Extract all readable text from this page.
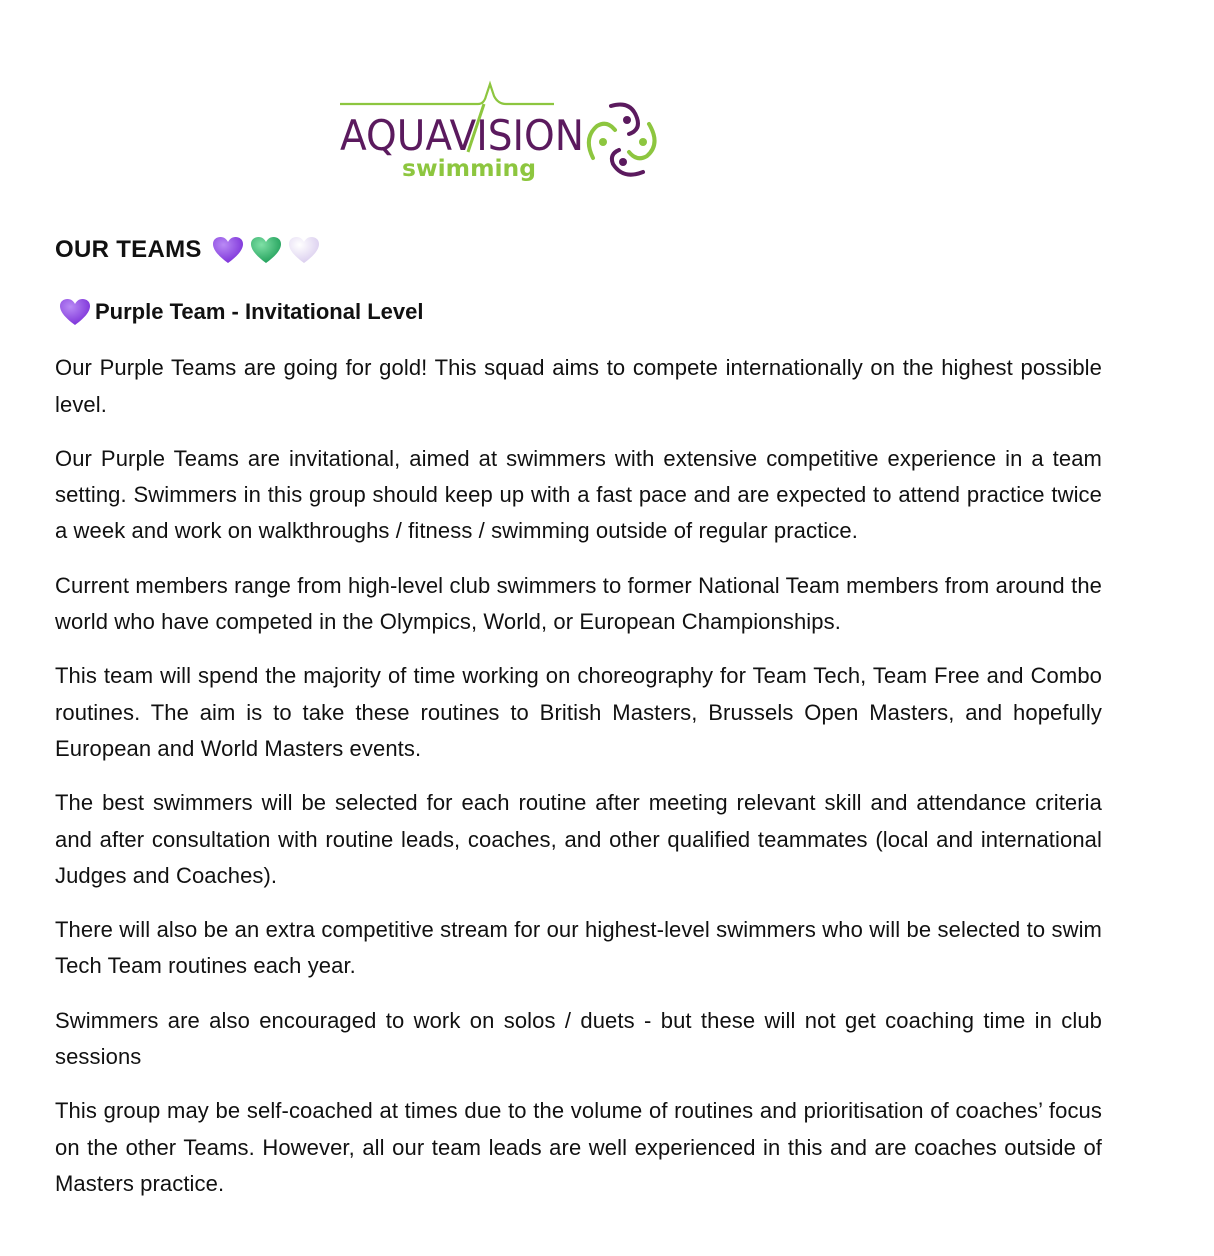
AQUAVISION
swimming
OUR TEAMS
Purple Team - Invitational Level

Our Purple Teams are going for gold! This squad aims to compete internationally on the highest possible level.

Our Purple Teams are invitational, aimed at swimmers with extensive competitive experience in a team setting. Swimmers in this group should keep up with a fast pace and are expected to attend practice twice a week and work on walkthroughs / fitness / swimming outside of regular practice.

Current members range from high-level club swimmers to former National Team members from around the world who have competed in the Olympics, World, or European Championships.

This team will spend the majority of time working on choreography for Team Tech, Team Free and Combo routines. The aim is to take these routines to British Masters, Brussels Open Masters, and hopefully European and World Masters events.

The best swimmers will be selected for each routine after meeting relevant skill and attendance criteria and after consultation with routine leads, coaches, and other qualified teammates (local and international Judges and Coaches).

There will also be an extra competitive stream for our highest-level swimmers who will be selected to swim Tech Team routines each year.

Swimmers are also encouraged to work on solos / duets - but these will not get coaching time in club sessions

This group may be self-coached at times due to the volume of routines and prioritisation of coaches’ focus on the other Teams. However, all our team leads are well experienced in this and are coaches outside of Masters practice.
